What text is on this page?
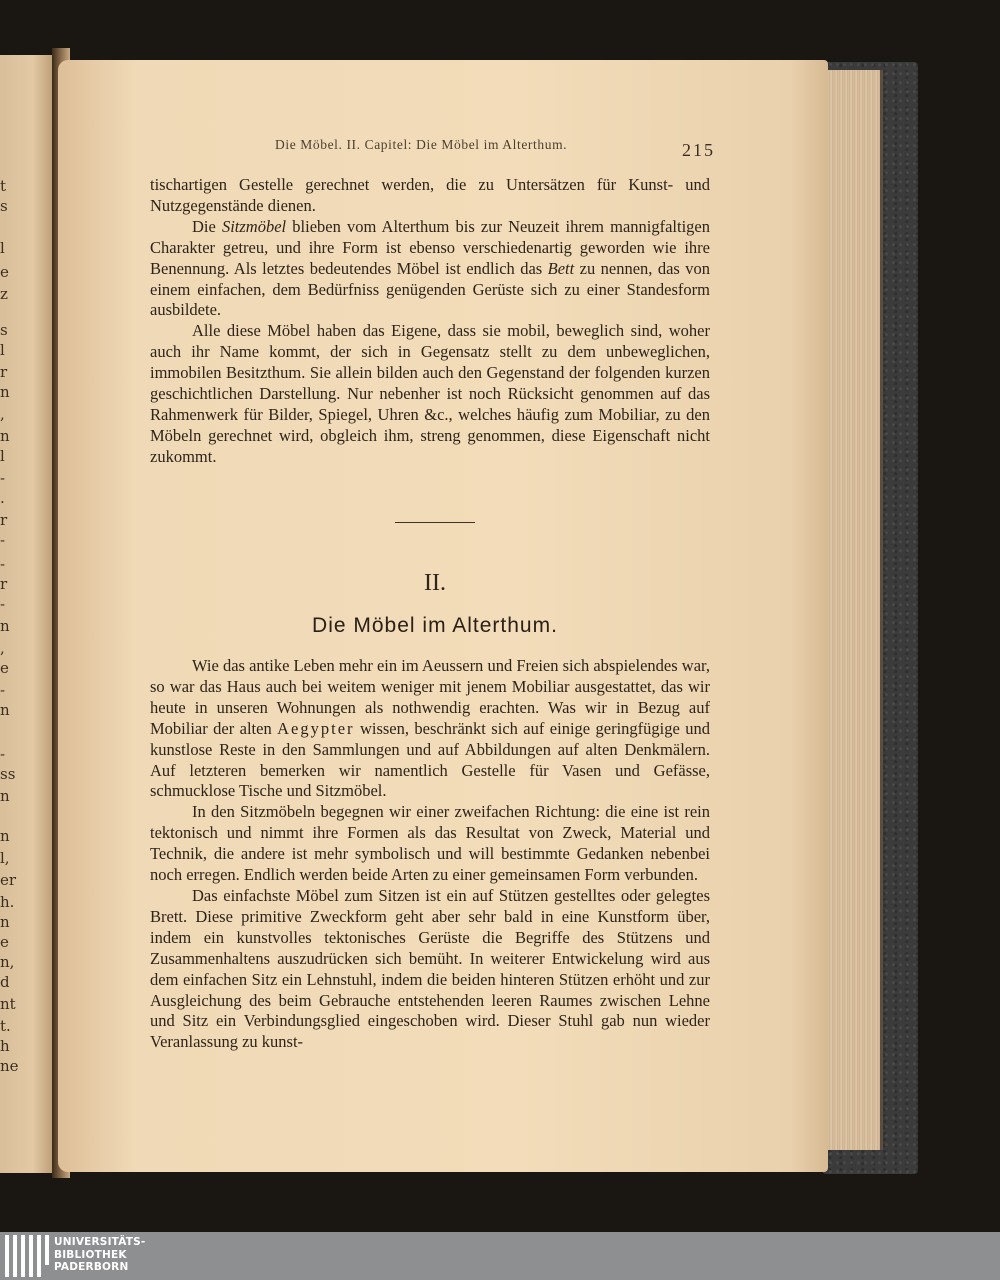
t
s
l
e
z
s
l
r
n
,
n
l
-
.
r
-
-
r
-
n
,
e
-
n
-
ss
n
n
l,
er
h.
n
e
n,
d
nt
t.
h
ne
Die Möbel. II. Capitel: Die Möbel im Alterthum.	215

tischartigen Gestelle gerechnet werden, die zu Untersätzen für Kunst- und Nutzgegenstände dienen.

Die Sitzmöbel blieben vom Alterthum bis zur Neuzeit ihrem mannigfaltigen Charakter getreu, und ihre Form ist ebenso verschiedenartig geworden wie ihre Benennung. Als letztes bedeutendes Möbel ist endlich das Bett zu nennen, das von einem einfachen, dem Bedürfniss genügenden Gerüste sich zu einer Standesform ausbildete.

Alle diese Möbel haben das Eigene, dass sie mobil, beweglich sind, woher auch ihr Name kommt, der sich in Gegensatz stellt zu dem unbeweglichen, immobilen Besitzthum. Sie allein bilden auch den Gegenstand der folgenden kurzen geschichtlichen Darstellung. Nur nebenher ist noch Rücksicht genommen auf das Rahmenwerk für Bilder, Spiegel, Uhren &c., welches häufig zum Mobiliar, zu den Möbeln gerechnet wird, obgleich ihm, streng genommen, diese Eigenschaft nicht zukommt.

II.
Die Möbel im Alterthum.

Wie das antike Leben mehr ein im Aeussern und Freien sich abspielendes war, so war das Haus auch bei weitem weniger mit jenem Mobiliar ausgestattet, das wir heute in unseren Wohnungen als nothwendig erachten. Was wir in Bezug auf Mobiliar der alten Aegypter wissen, beschränkt sich auf einige geringfügige und kunstlose Reste in den Sammlungen und auf Abbildungen auf alten Denkmälern. Auf letzteren bemerken wir namentlich Gestelle für Vasen und Gefässe, schmucklose Tische und Sitzmöbel.

In den Sitzmöbeln begegnen wir einer zweifachen Richtung: die eine ist rein tektonisch und nimmt ihre Formen als das Resultat von Zweck, Material und Technik, die andere ist mehr symbolisch und will bestimmte Gedanken nebenbei noch erregen. Endlich werden beide Arten zu einer gemeinsamen Form verbunden.

Das einfachste Möbel zum Sitzen ist ein auf Stützen gestelltes oder gelegtes Brett. Diese primitive Zweckform geht aber sehr bald in eine Kunstform über, indem ein kunstvolles tektonisches Gerüste die Begriffe des Stützens und Zusammenhaltens auszudrücken sich bemüht. In weiterer Entwickelung wird aus dem einfachen Sitz ein Lehnstuhl, indem die beiden hinteren Stützen erhöht und zur Ausgleichung des beim Gebrauche entstehenden leeren Raumes zwischen Lehne und Sitz ein Verbindungsglied eingeschoben wird. Dieser Stuhl gab nun wieder Veranlassung zu kunst-

UNIVERSITÄTS-
BIBLIOTHEK
PADERBORN
